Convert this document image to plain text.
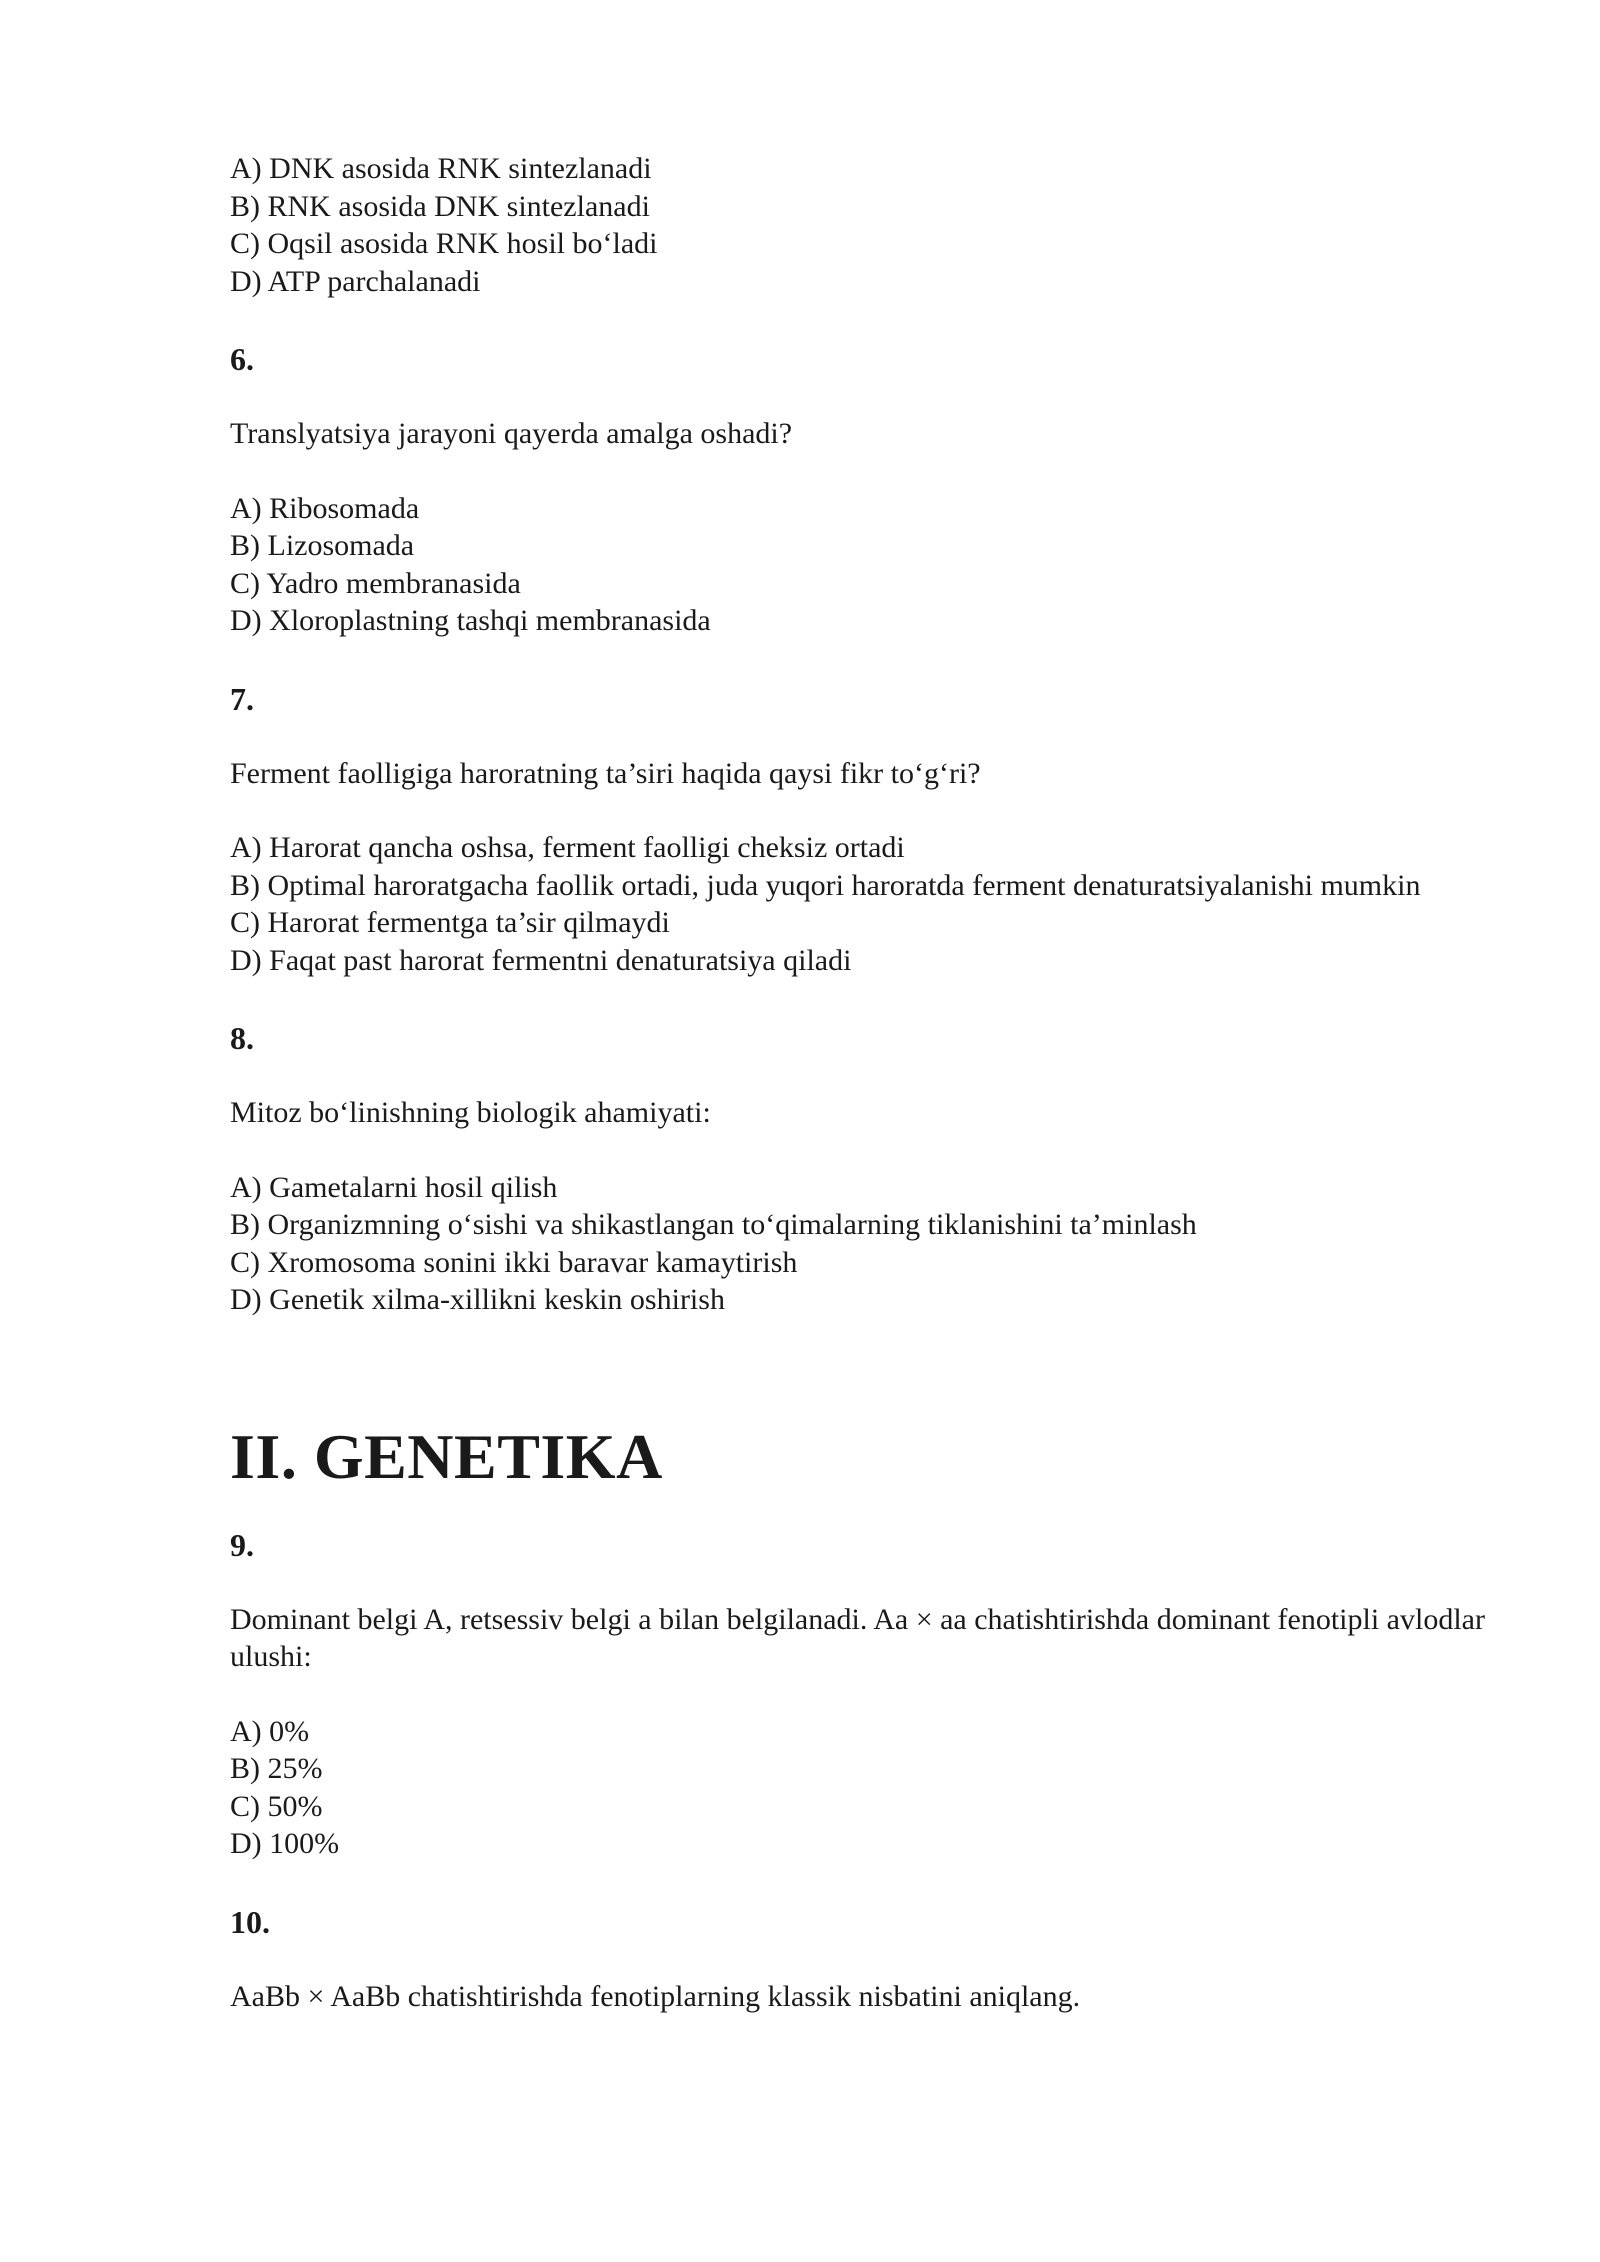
A) DNK asosida RNK sintezlanadi

B) RNK asosida DNK sintezlanadi

C) Oqsil asosida RNK hosil bo‘ladi

D) ATP parchalanadi

6.

Translyatsiya jarayoni qayerda amalga oshadi?

A) Ribosomada

B) Lizosomada

C) Yadro membranasida

D) Xloroplastning tashqi membranasida

7.

Ferment faolligiga haroratning ta’siri haqida qaysi fikr to‘g‘ri?

A) Harorat qancha oshsa, ferment faolligi cheksiz ortadi

B) Optimal haroratgacha faollik ortadi, juda yuqori haroratda ferment denaturatsiyalanishi mumkin

C) Harorat fermentga ta’sir qilmaydi

D) Faqat past harorat fermentni denaturatsiya qiladi

8.

Mitoz bo‘linishning biologik ahamiyati:

A) Gametalarni hosil qilish

B) Organizmning o‘sishi va shikastlangan to‘qimalarning tiklanishini ta’minlash

C) Xromosoma sonini ikki baravar kamaytirish

D) Genetik xilma-xillikni keskin oshirish

II. GENETIKA

9.

Dominant belgi A, retsessiv belgi a bilan belgilanadi. Aa × aa chatishtirishda dominant fenotipli avlodlar ulushi:

A) 0%

B) 25%

C) 50%

D) 100%

10.

AaBb × AaBb chatishtirishda fenotiplarning klassik nisbatini aniqlang.
